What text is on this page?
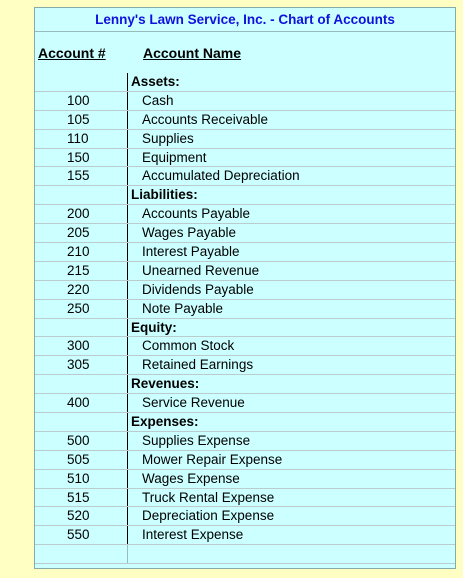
Lenny's Lawn Service, Inc. - Chart of Accounts
Account #	Account Name
Assets:
100	Cash
105	Accounts Receivable
110	Supplies
150	Equipment
155	Accumulated Depreciation
Liabilities:
200	Accounts Payable
205	Wages Payable
210	Interest Payable
215	Unearned Revenue
220	Dividends Payable
250	Note Payable
Equity:
300	Common Stock
305	Retained Earnings
Revenues:
400	Service Revenue
Expenses:
500	Supplies Expense
505	Mower Repair Expense
510	Wages Expense
515	Truck Rental Expense
520	Depreciation Expense
550	Interest Expense
